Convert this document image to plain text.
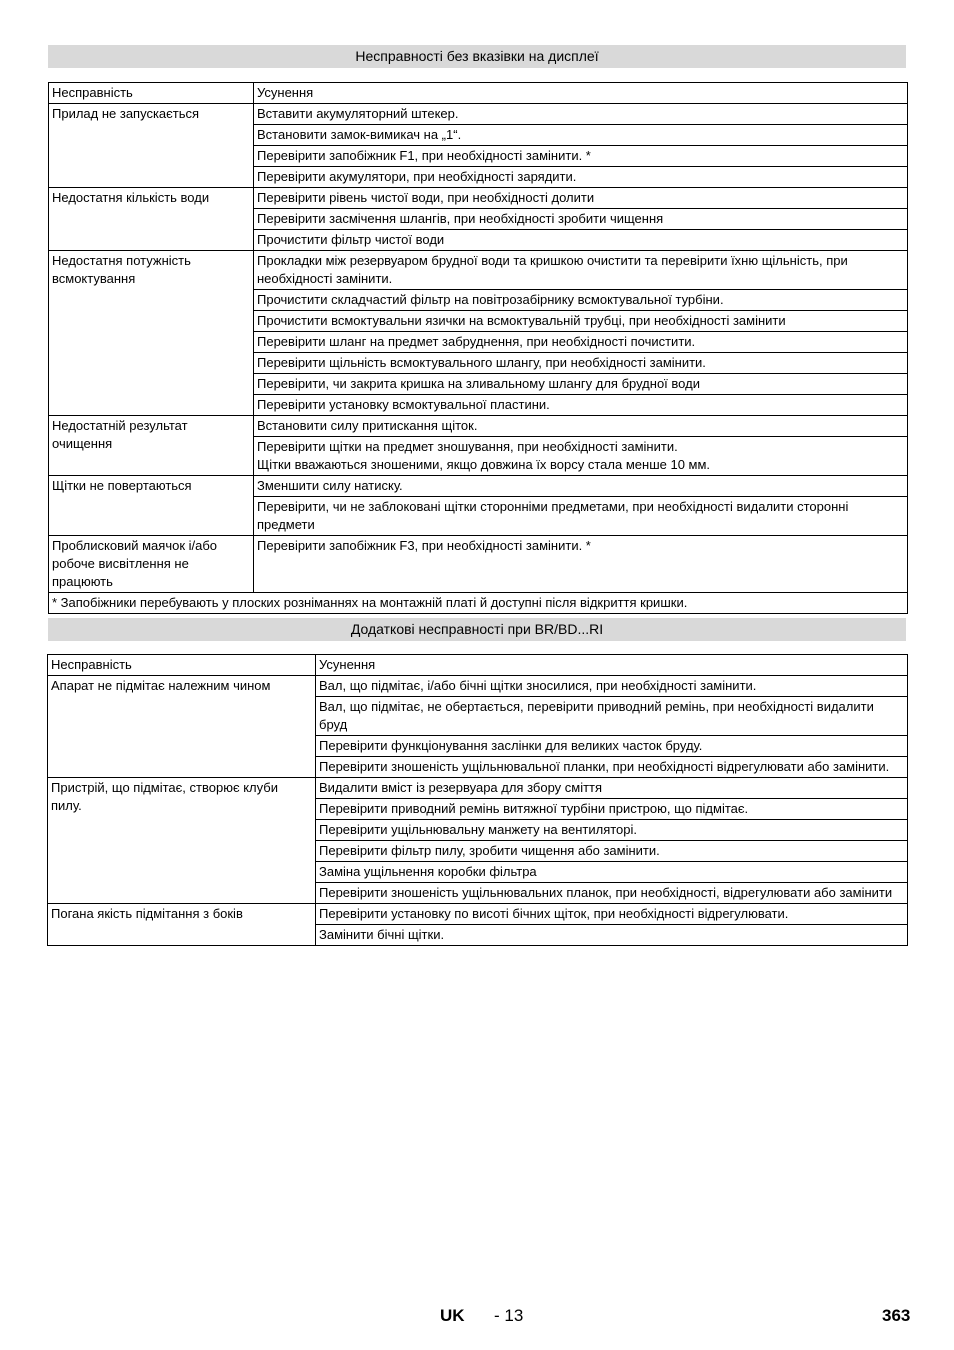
Несправності без вказівки на дисплеї
Несправність	Усунення
Прилад не запускається	Вставити акумуляторний штекер.
	Встановити замок-вимикач на „1“.
	Перевірити запобіжник F1, при необхідності замінити. *
	Перевірити акумулятори, при необхідності зарядити.
Недостатня кількість води	Перевірити рівень чистої води, при необхідності долити
	Перевірити засмічення шлангів, при необхідності зробити чищення
	Прочистити фільтр чистої води
Недостатня потужність всмоктування	Прокладки між резервуаром брудної води та кришкою очистити та перевірити їхню щільність, при необхідності замінити.
	Прочистити складчастий фільтр на повітрозабірнику всмоктувальної турбіни.
	Прочистити всмоктувальни язички на всмоктувальній трубці, при необхідності замінити
	Перевірити шланг на предмет забруднення, при необхідності почистити.
	Перевірити щільність всмоктувального шлангу, при необхідності замінити.
	Перевірити, чи закрита кришка на зливальному шлангу для брудної води
	Перевірити установку всмоктувальної пластини.
Недостатній результат очищення	Встановити силу притискання щіток.
	Перевірити щітки на предмет зношування, при необхідності замінити.
Щітки вважаються зношеними, якщо довжина їх ворсу стала менше 10 мм.
Щітки не повертаються	Зменшити силу натиску.
	Перевірити, чи не заблоковані щітки сторонніми предметами, при необхідності видалити сторонні предмети
Проблисковий маячок і/або робоче висвітлення не працюють	Перевірити запобіжник F3, при необхідності замінити. *
* Запобіжники перебувають у плоских розніманнях на монтажній платі й доступні після відкриття кришки.	
Додаткові несправності при BR/BD...RI
Несправність	Усунення
Апарат не підмітає належним чином	Вал, що підмітає, і/або бічні щітки зносилися, при необхідності замінити.
	Вал, що підмітає, не обертається, перевірити приводний ремінь, при необхідності видалити бруд
	Перевірити функціонування заслінки для великих часток бруду.
	Перевірити зношеність ущільнювальної планки, при необхідності відрегулювати або замінити.
Пристрій, що підмітає, створює клуби пилу.	Видалити вміст із резервуара для збору сміття
	Перевірити приводний ремінь витяжної турбіни пристрою, що підмітає.
	Перевірити ущільнювальну манжету на вентиляторі.
	Перевірити фільтр пилу, зробити чищення або замінити.
	Заміна ущільнення коробки фільтра
	Перевірити зношеність ущільнювальних планок, при необхідності, відрегулювати або замінити
Погана якість підмітання з боків	Перевірити установку по висоті бічних щіток, при необхідності відрегулювати.
	Замінити бічні щітки.
UK - 13	363
